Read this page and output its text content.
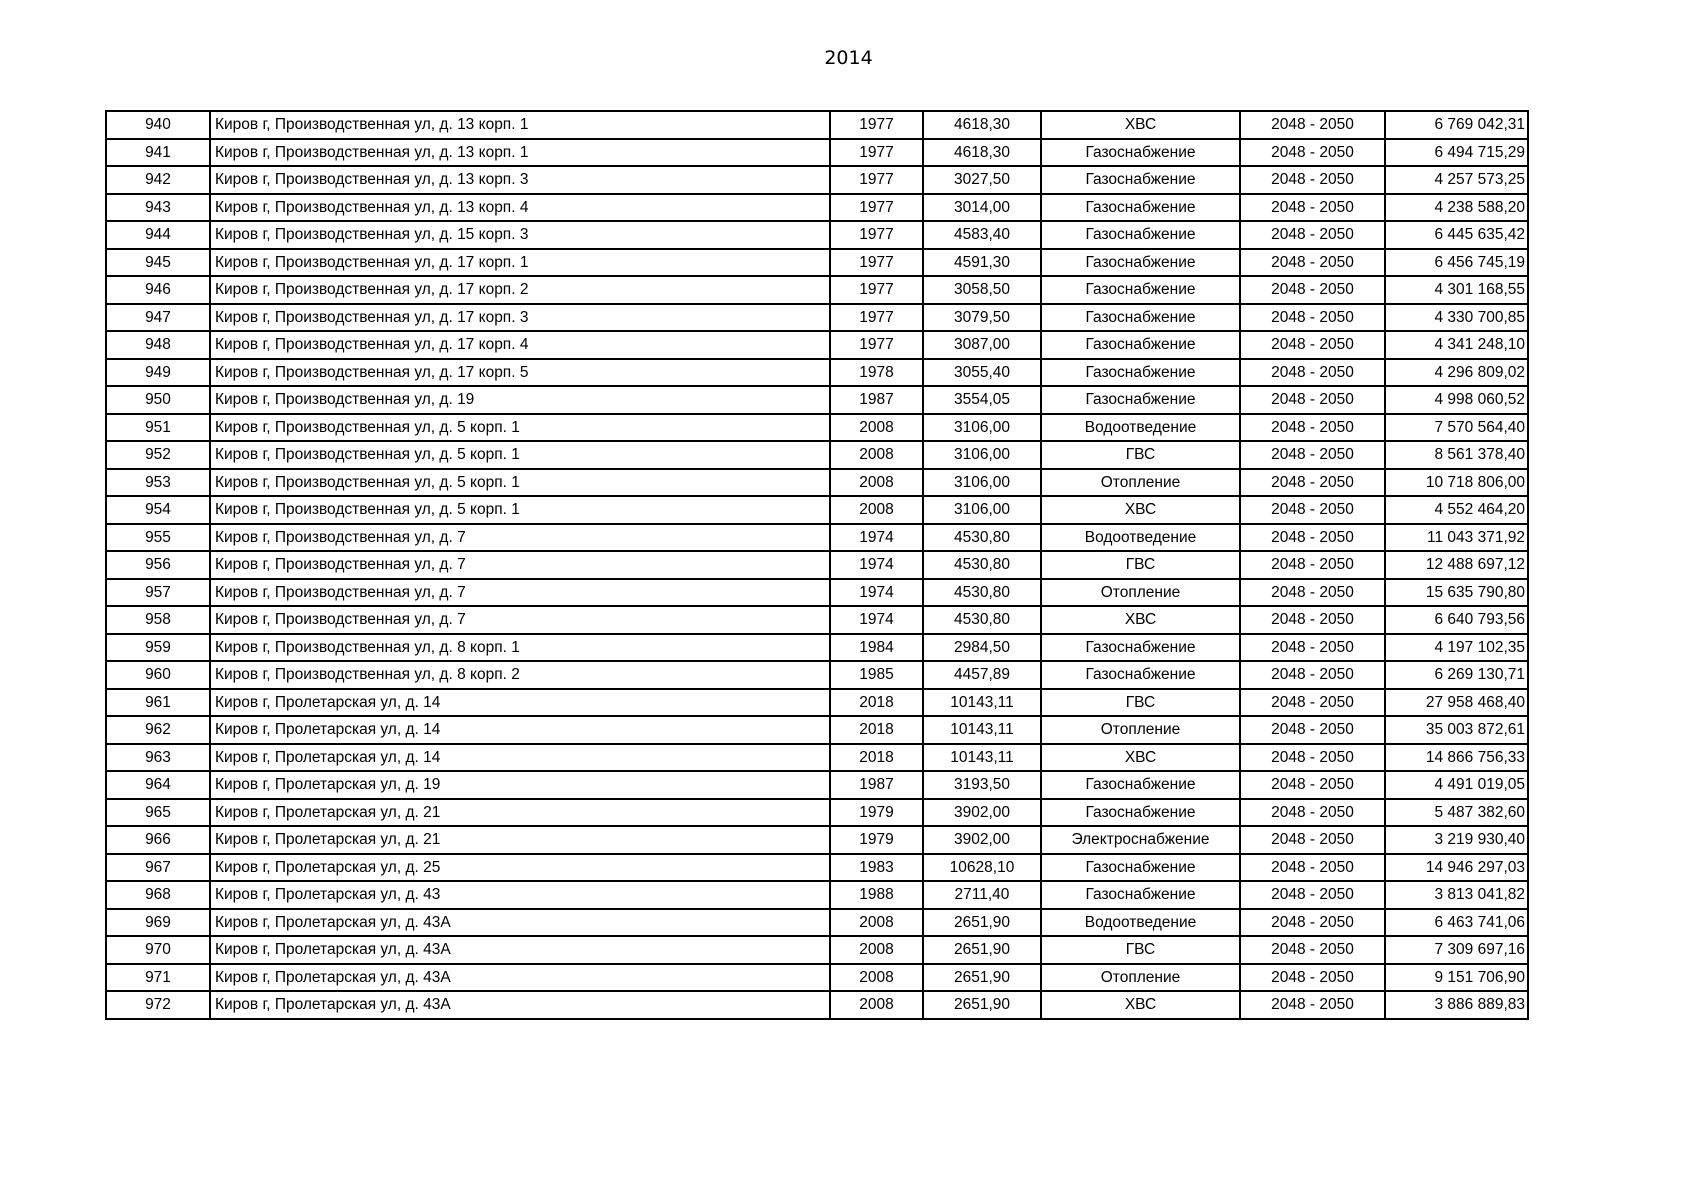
2014
940	Киров г, Производственная ул, д. 13 корп. 1	1977	4618,30	ХВС	2048 - 2050	6 769 042,31
941	Киров г, Производственная ул, д. 13 корп. 1	1977	4618,30	Газоснабжение	2048 - 2050	6 494 715,29
942	Киров г, Производственная ул, д. 13 корп. 3	1977	3027,50	Газоснабжение	2048 - 2050	4 257 573,25
943	Киров г, Производственная ул, д. 13 корп. 4	1977	3014,00	Газоснабжение	2048 - 2050	4 238 588,20
944	Киров г, Производственная ул, д. 15 корп. 3	1977	4583,40	Газоснабжение	2048 - 2050	6 445 635,42
945	Киров г, Производственная ул, д. 17 корп. 1	1977	4591,30	Газоснабжение	2048 - 2050	6 456 745,19
946	Киров г, Производственная ул, д. 17 корп. 2	1977	3058,50	Газоснабжение	2048 - 2050	4 301 168,55
947	Киров г, Производственная ул, д. 17 корп. 3	1977	3079,50	Газоснабжение	2048 - 2050	4 330 700,85
948	Киров г, Производственная ул, д. 17 корп. 4	1977	3087,00	Газоснабжение	2048 - 2050	4 341 248,10
949	Киров г, Производственная ул, д. 17 корп. 5	1978	3055,40	Газоснабжение	2048 - 2050	4 296 809,02
950	Киров г, Производственная ул, д. 19	1987	3554,05	Газоснабжение	2048 - 2050	4 998 060,52
951	Киров г, Производственная ул, д. 5 корп. 1	2008	3106,00	Водоотведение	2048 - 2050	7 570 564,40
952	Киров г, Производственная ул, д. 5 корп. 1	2008	3106,00	ГВС	2048 - 2050	8 561 378,40
953	Киров г, Производственная ул, д. 5 корп. 1	2008	3106,00	Отопление	2048 - 2050	10 718 806,00
954	Киров г, Производственная ул, д. 5 корп. 1	2008	3106,00	ХВС	2048 - 2050	4 552 464,20
955	Киров г, Производственная ул, д. 7	1974	4530,80	Водоотведение	2048 - 2050	11 043 371,92
956	Киров г, Производственная ул, д. 7	1974	4530,80	ГВС	2048 - 2050	12 488 697,12
957	Киров г, Производственная ул, д. 7	1974	4530,80	Отопление	2048 - 2050	15 635 790,80
958	Киров г, Производственная ул, д. 7	1974	4530,80	ХВС	2048 - 2050	6 640 793,56
959	Киров г, Производственная ул, д. 8 корп. 1	1984	2984,50	Газоснабжение	2048 - 2050	4 197 102,35
960	Киров г, Производственная ул, д. 8 корп. 2	1985	4457,89	Газоснабжение	2048 - 2050	6 269 130,71
961	Киров г, Пролетарская ул, д. 14	2018	10143,11	ГВС	2048 - 2050	27 958 468,40
962	Киров г, Пролетарская ул, д. 14	2018	10143,11	Отопление	2048 - 2050	35 003 872,61
963	Киров г, Пролетарская ул, д. 14	2018	10143,11	ХВС	2048 - 2050	14 866 756,33
964	Киров г, Пролетарская ул, д. 19	1987	3193,50	Газоснабжение	2048 - 2050	4 491 019,05
965	Киров г, Пролетарская ул, д. 21	1979	3902,00	Газоснабжение	2048 - 2050	5 487 382,60
966	Киров г, Пролетарская ул, д. 21	1979	3902,00	Электроснабжение	2048 - 2050	3 219 930,40
967	Киров г, Пролетарская ул, д. 25	1983	10628,10	Газоснабжение	2048 - 2050	14 946 297,03
968	Киров г, Пролетарская ул, д. 43	1988	2711,40	Газоснабжение	2048 - 2050	3 813 041,82
969	Киров г, Пролетарская ул, д. 43А	2008	2651,90	Водоотведение	2048 - 2050	6 463 741,06
970	Киров г, Пролетарская ул, д. 43А	2008	2651,90	ГВС	2048 - 2050	7 309 697,16
971	Киров г, Пролетарская ул, д. 43А	2008	2651,90	Отопление	2048 - 2050	9 151 706,90
972	Киров г, Пролетарская ул, д. 43А	2008	2651,90	ХВС	2048 - 2050	3 886 889,83
